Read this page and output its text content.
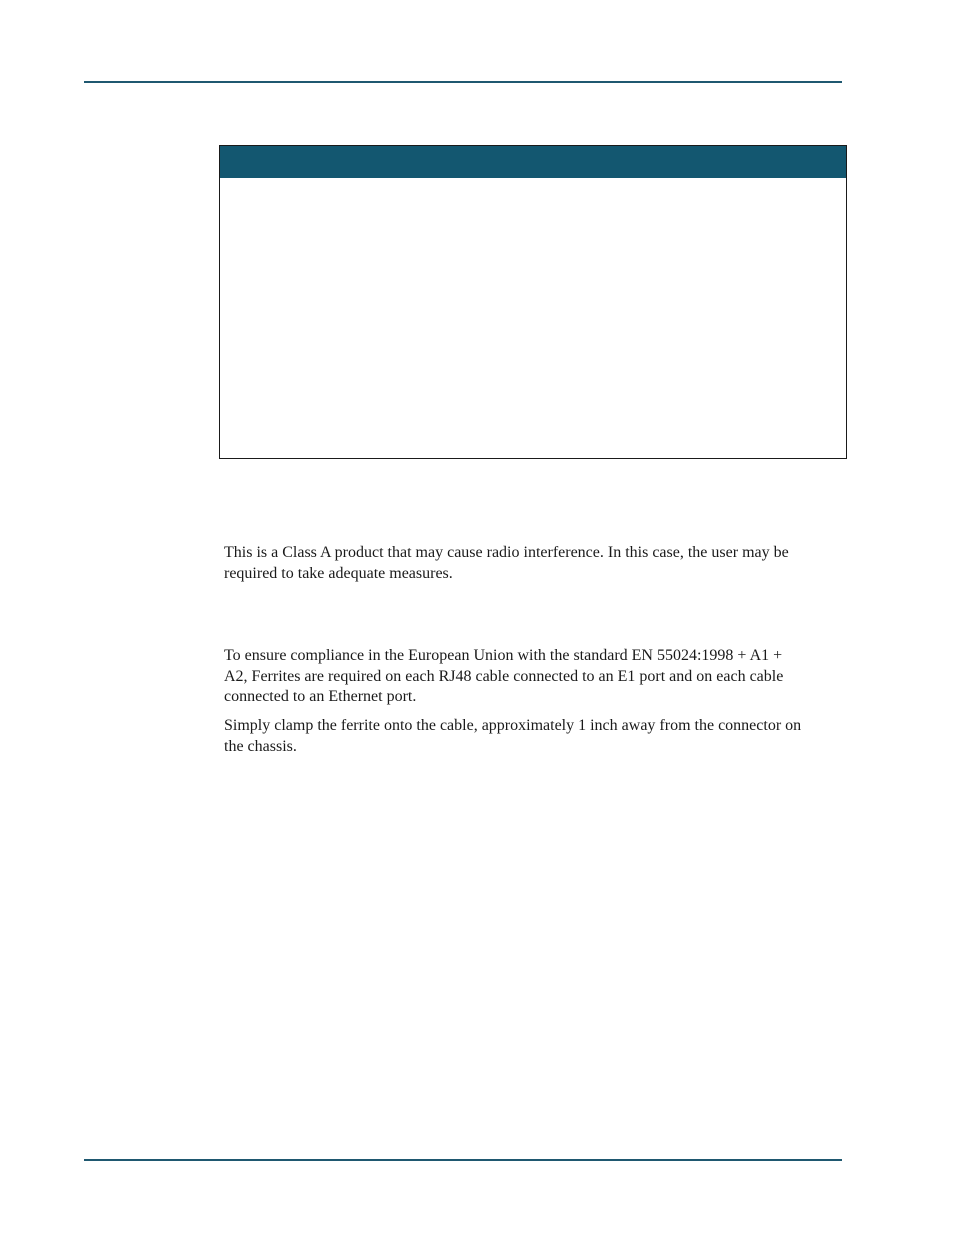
This is a Class A product that may cause radio interference. In this case, the user may be

required to take adequate measures.

To ensure compliance in the European Union with the standard EN 55024:1998 + A1 +

A2, Ferrites are required on each RJ48 cable connected to an E1 port and on each cable

connected to an Ethernet port.

Simply clamp the ferrite onto the cable, approximately 1 inch away from the connector on

the chassis.
